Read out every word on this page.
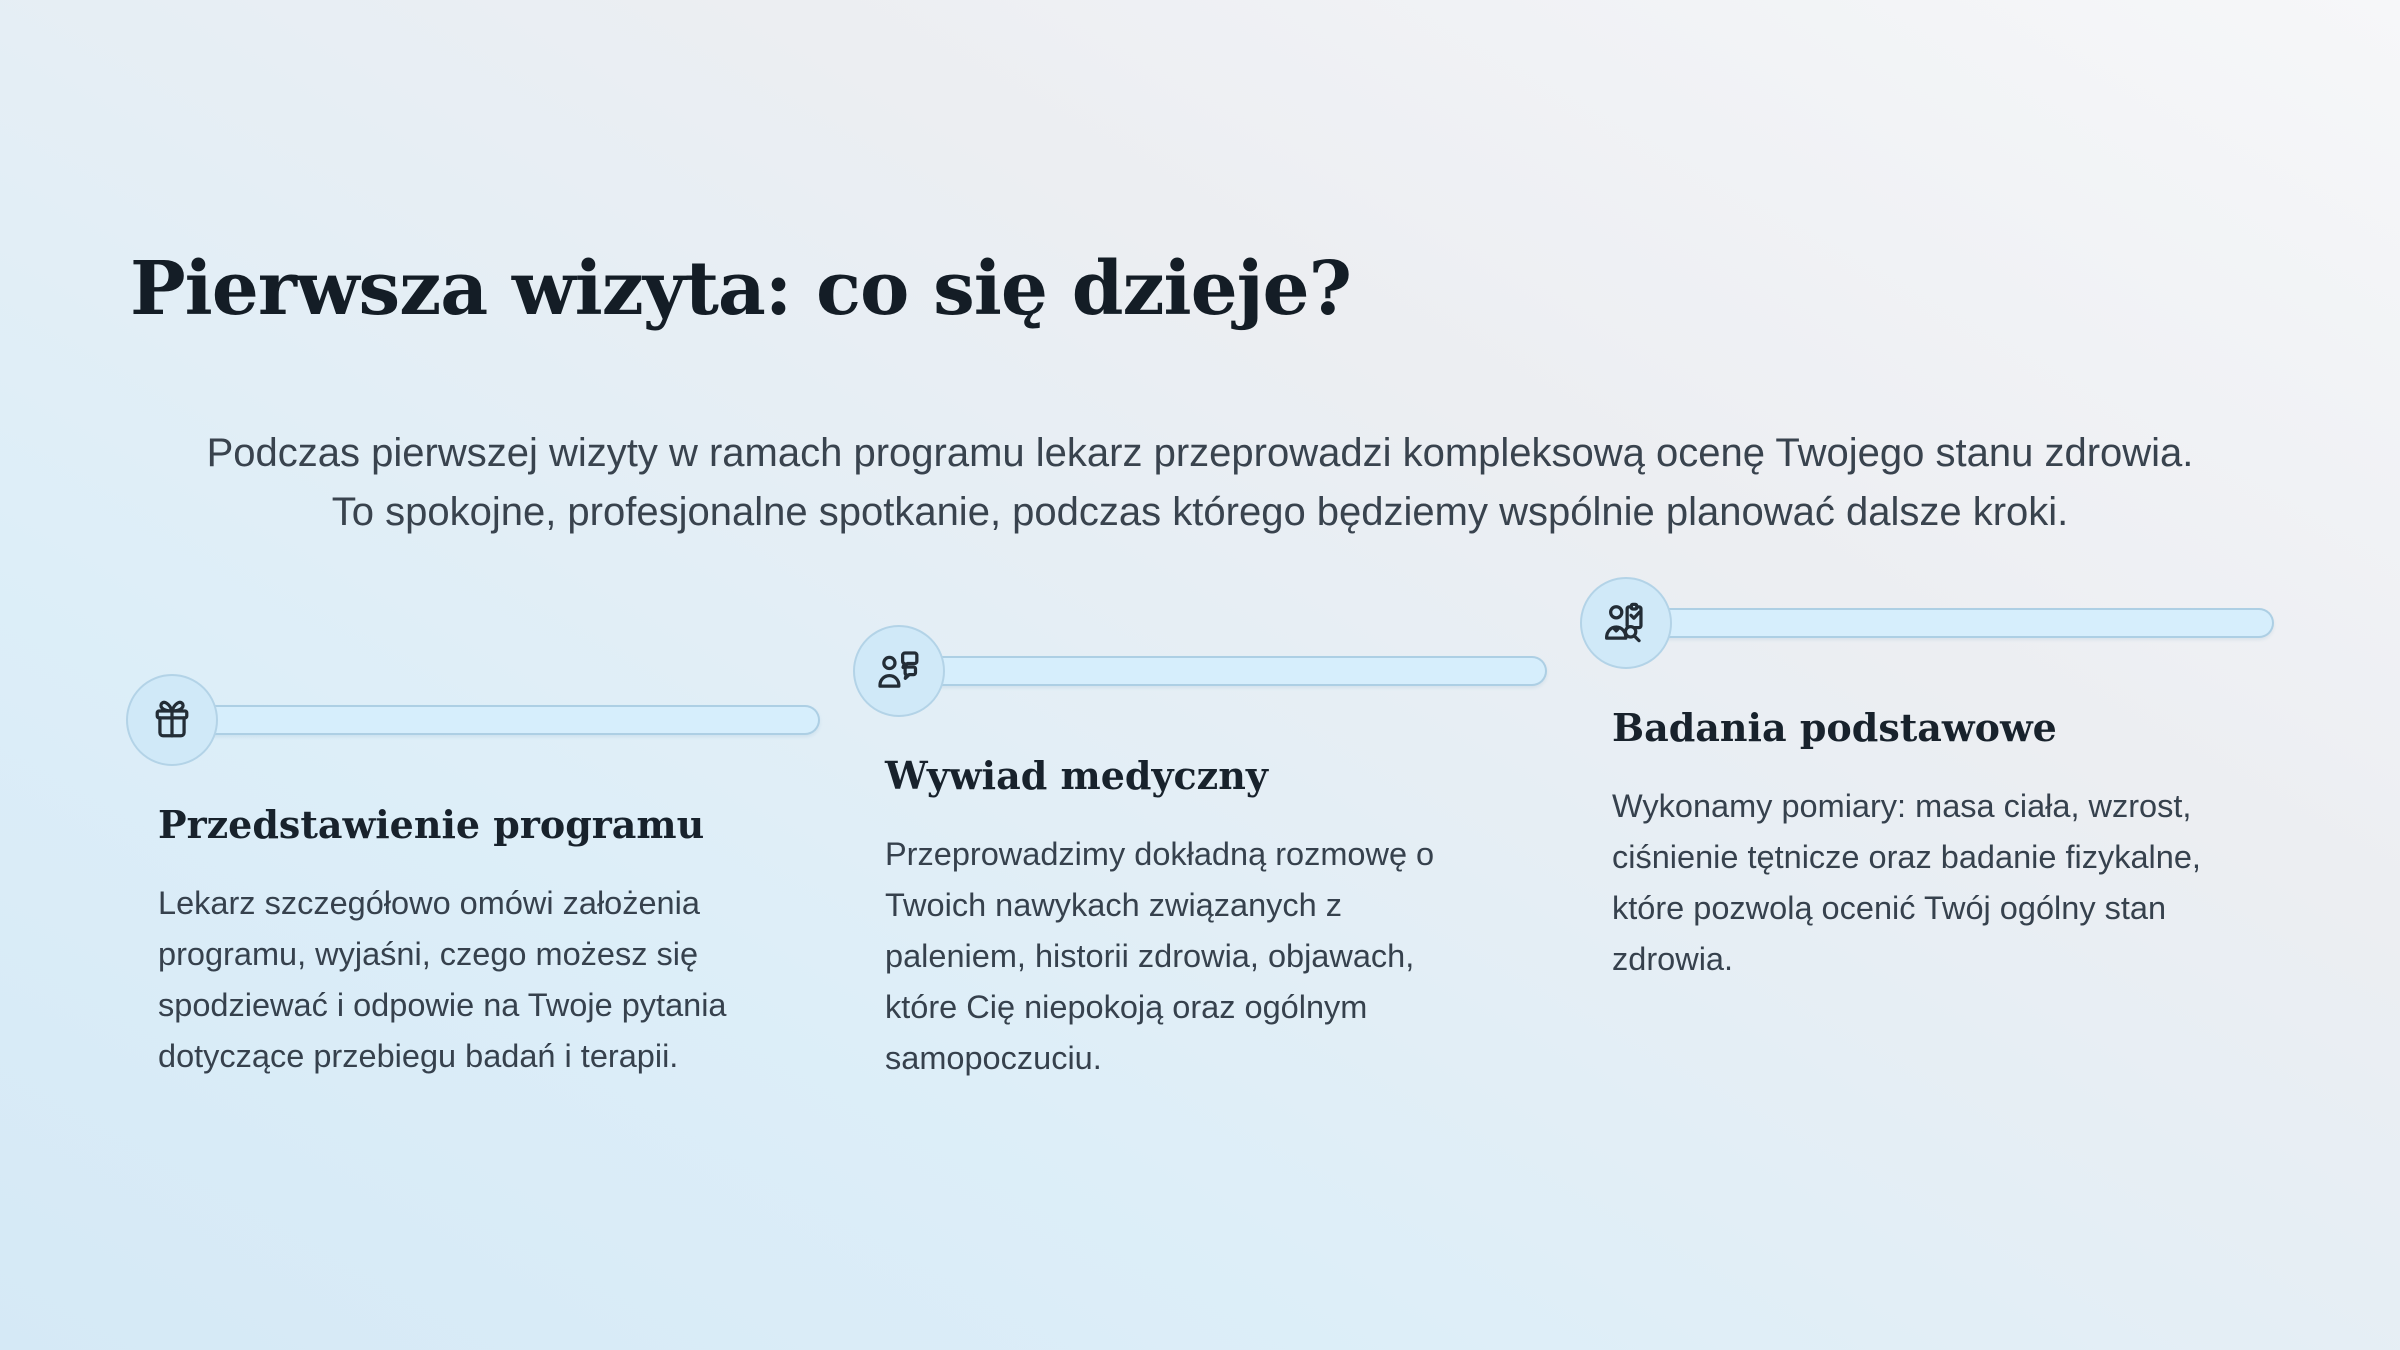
Pierwsza wizyta: co się dzieje?
Podczas pierwszej wizyty w ramach programu lekarz przeprowadzi kompleksową ocenę Twojego stanu zdrowia.
To spokojne, profesjonalne spotkanie, podczas którego będziemy wspólnie planować dalsze kroki.
Przedstawienie programu

Lekarz szczegółowo omówi założenia programu, wyjaśni, czego możesz się spodziewać i odpowie na Twoje pytania dotyczące przebiegu badań i terapii.

Wywiad medyczny

Przeprowadzimy dokładną rozmowę o Twoich nawykach związanych z paleniem, historii zdrowia, objawach, które Cię niepokoją oraz ogólnym samopoczuciu.

Badania podstawowe

Wykonamy pomiary: masa ciała, wzrost, ciśnienie tętnicze oraz badanie fizykalne, które pozwolą ocenić Twój ogólny stan zdrowia.
